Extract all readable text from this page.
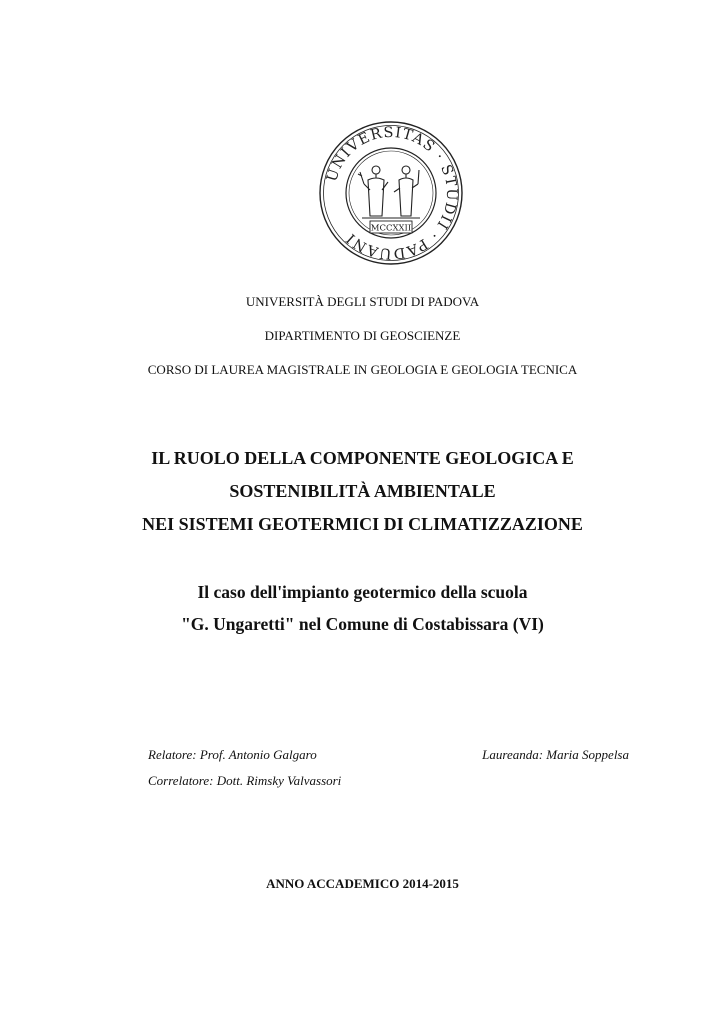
UNIVERSITAS · STUDII · PADUANI
MCCXXII
UNIVERSITÀ DEGLI STUDI DI PADOVA
DIPARTIMENTO DI GEOSCIENZE
CORSO DI LAUREA MAGISTRALE IN GEOLOGIA E GEOLOGIA TECNICA
IL RUOLO DELLA COMPONENTE GEOLOGICA E
SOSTENIBILITÀ AMBIENTALE
NEI SISTEMI GEOTERMICI DI CLIMATIZZAZIONE
Il caso dell'impianto geotermico della scuola
"G. Ungaretti" nel Comune di Costabissara (VI)
Relatore: Prof. Antonio Galgaro	Laureanda: Maria Soppelsa
Correlatore: Dott. Rimsky Valvassori
ANNO ACCADEMICO 2014-2015
